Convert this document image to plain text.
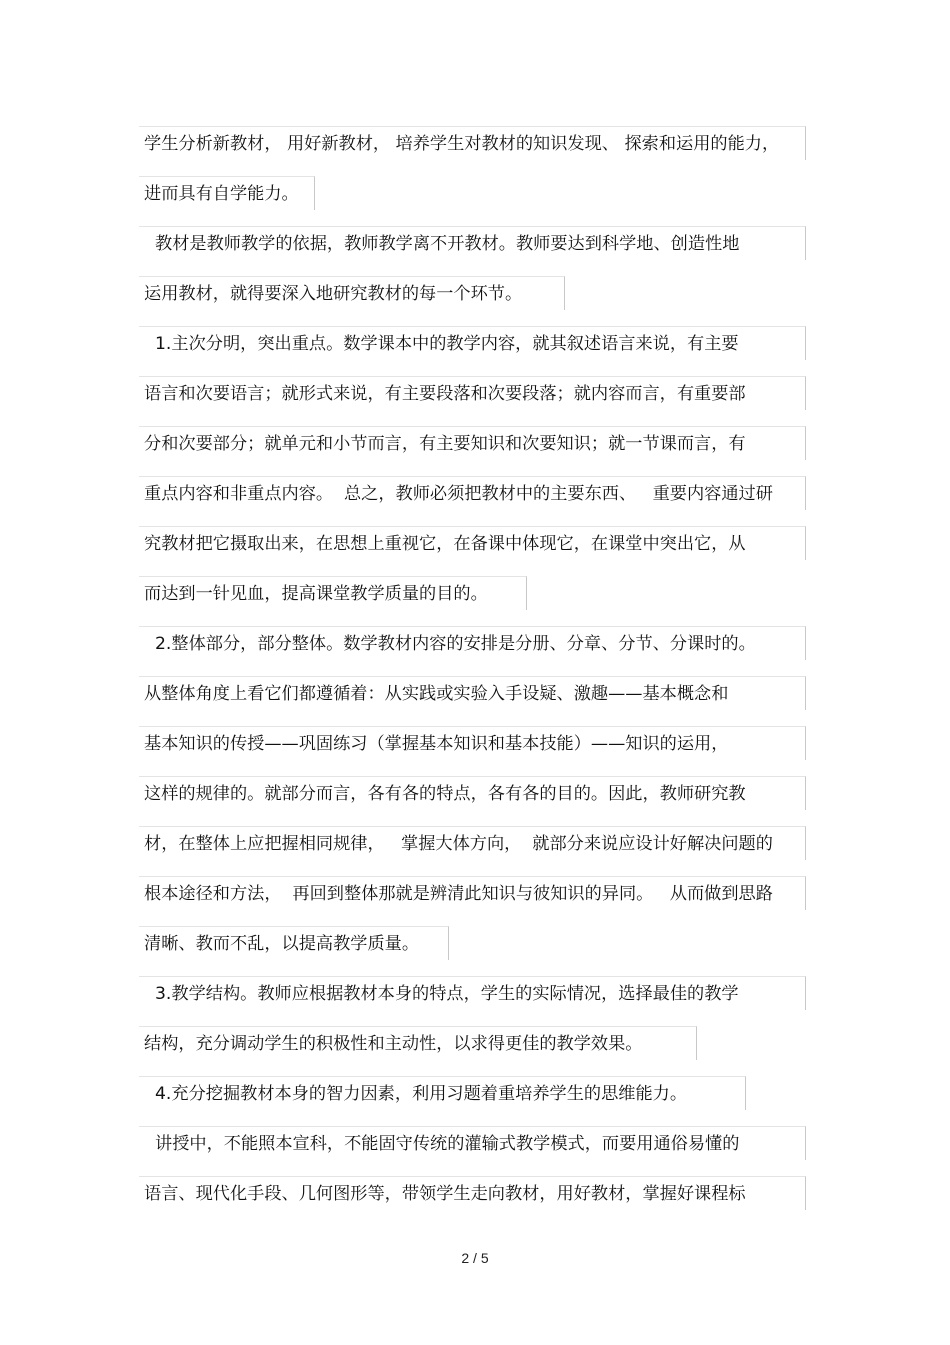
学生分析新教材， 用好新教材， 培养学生对教材的知识发现、 探索和运用的能力，
进而具有自学能力。
教材是教师教学的依据，教师教学离不开教材。教师要达到科学地、创造性地
运用教材，就得要深入地研究教材的每一个环节。
1.主次分明，突出重点。数学课本中的教学内容，就其叙述语言来说，有主要
语言和次要语言；就形式来说，有主要段落和次要段落；就内容而言，有重要部
分和次要部分；就单元和小节而言，有主要知识和次要知识；就一节课而言，有
重点内容和非重点内容。  总之，教师必须把教材中的主要东西、   重要内容通过研
究教材把它摄取出来，在思想上重视它，在备课中体现它，在课堂中突出它，从
而达到一针见血，提高课堂教学质量的目的。
2.整体部分，部分整体。数学教材内容的安排是分册、分章、分节、分课时的。
从整体角度上看它们都遵循着：从实践或实验入手设疑、激趣——基本概念和
基本知识的传授——巩固练习（掌握基本知识和基本技能）——知识的运用，
这样的规律的。就部分而言，各有各的特点，各有各的目的。因此，教师研究教
材，在整体上应把握相同规律，   掌握大体方向，  就部分来说应设计好解决问题的
根本途径和方法，  再回到整体那就是辨清此知识与彼知识的异同。   从而做到思路
清晰、教而不乱，以提高教学质量。
3.教学结构。教师应根据教材本身的特点，学生的实际情况，选择最佳的教学
结构，充分调动学生的积极性和主动性，以求得更佳的教学效果。
4.充分挖掘教材本身的智力因素，利用习题着重培养学生的思维能力。
讲授中，不能照本宣科，不能固守传统的灌输式教学模式，而要用通俗易懂的
语言、现代化手段、几何图形等，带领学生走向教材，用好教材，掌握好课程标
2 / 5
